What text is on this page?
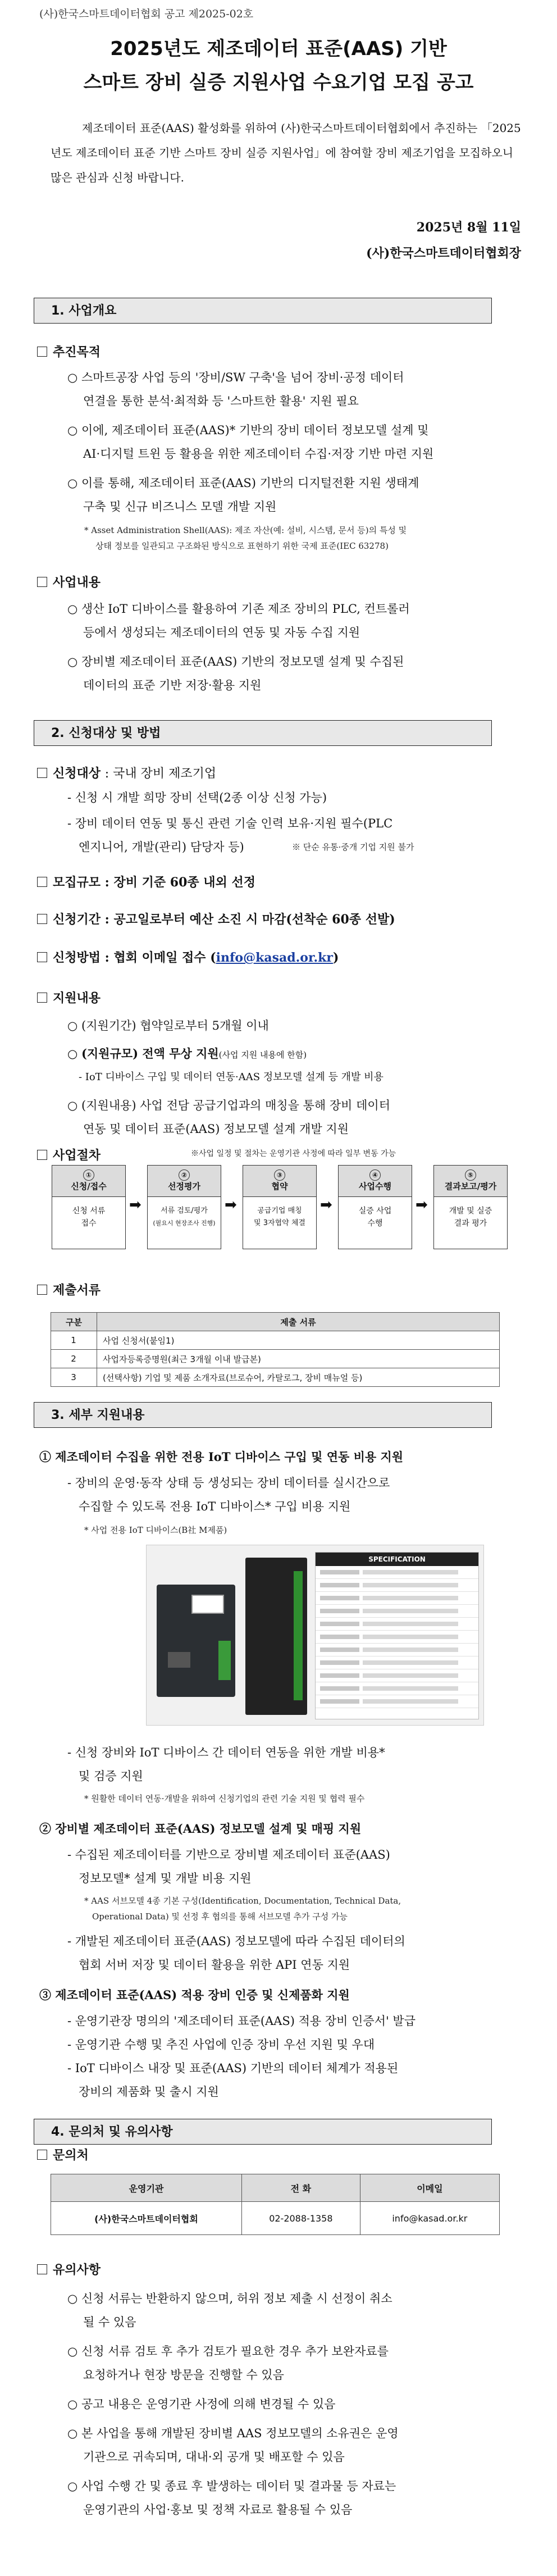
(사)한국스마트데이터협회 공고 제2025-02호
2025년도 제조데이터 표준(AAS) 기반
스마트 장비 실증 지원사업 수요기업 모집 공고
제조데이터 표준(AAS) 활성화를 위하여 (사)한국스마트데이터협회에서 추진하는 「2025년도 제조데이터 표준 기반 스마트 장비 실증 지원사업」에 참여할 장비 제조기업을 모집하오니 많은 관심과 신청 바랍니다.
2025년 8월 11일
(사)한국스마트데이터협회장
1. 사업개요
추진목적
○ 스마트공장 사업 등의 '장비/SW 구축'을 넘어 장비·공정 데이터
연결을 통한 분석·최적화 등 '스마트한 활용' 지원 필요
○ 이에, 제조데이터 표준(AAS)* 기반의 장비 데이터 정보모델 설계 및
AI·디지털 트윈 등 활용을 위한 제조데이터 수집·저장 기반 마련 지원
○ 이를 통해, 제조데이터 표준(AAS) 기반의 디지털전환 지원 생태계
구축 및 신규 비즈니스 모델 개발 지원
* Asset Administration Shell(AAS): 제조 자산(예: 설비, 시스템, 문서 등)의 특성 및
상태 정보를 일관되고 구조화된 방식으로 표현하기 위한 국제 표준(IEC 63278)
사업내용
○ 생산 IoT 디바이스를 활용하여 기존 제조 장비의 PLC, 컨트롤러
등에서 생성되는 제조데이터의 연동 및 자동 수집 지원
○ 장비별 제조데이터 표준(AAS) 기반의 정보모델 설계 및 수집된
데이터의 표준 기반 저장·활용 지원
2. 신청대상 및 방법
신청대상 : 국내 장비 제조기업
- 신청 시 개발 희망 장비 선택(2종 이상 신청 가능)
- 장비 데이터 연동 및 통신 관련 기술 인력 보유·지원 필수(PLC
엔지니어, 개발(관리) 담당자 등)	※ 단순 유통·중개 기업 지원 불가
모집규모 : 장비 기준 60종 내외 선정
신청기간 : 공고일로부터 예산 소진 시 마감(선착순 60종 선발)
신청방법 : 협회 이메일 접수 (info@kasad.or.kr)
지원내용
○ (지원기간) 협약일로부터 5개월 이내
○ (지원규모) 전액 무상 지원(사업 지원 내용에 한함)
- IoT 디바이스 구입 및 데이터 연동·AAS 정보모델 설계 등 개발 비용
○ (지원내용) 사업 전담 공급기업과의 매칭을 통해 장비 데이터
연동 및 데이터 표준(AAS) 정보모델 설계 개발 지원
사업절차	※사업 일정 및 절차는 운영기관 사정에 따라 일부 변동 가능
①
신청/접수
신청 서류
접수
➡
②
선정평가
서류 검토/평가
(필요시 현장조사 진행)
➡
③
협약
공급기업 매칭
및 3자협약 체결
➡
④
사업수행
실증 사업
수행
➡
⑤
결과보고/평가
개발 및 실증
결과 평가
제출서류
구분	제출 서류
1	사업 신청서(붙임1)
2	사업자등록증명원(최근 3개월 이내 발급본)
3	(선택사항) 기업 및 제품 소개자료(브로슈어, 카탈로그, 장비 매뉴얼 등)
3. 세부 지원내용
① 제조데이터 수집을 위한 전용 IoT 디바이스 구입 및 연동 비용 지원
- 장비의 운영·동작 상태 등 생성되는 장비 데이터를 실시간으로
수집할 수 있도록 전용 IoT 디바이스* 구입 비용 지원
* 사업 전용 IoT 디바이스(B社 M제품)
SPECIFICATION
- 신청 장비와 IoT 디바이스 간 데이터 연동을 위한 개발 비용*
및 검증 지원
* 원활한 데이터 연동·개발을 위하여 신청기업의 관련 기술 지원 및 협력 필수
② 장비별 제조데이터 표준(AAS) 정보모델 설계 및 매핑 지원
- 수집된 제조데이터를 기반으로 장비별 제조데이터 표준(AAS)
정보모델* 설계 및 개발 비용 지원
* AAS 서브모델 4종 기본 구성(Identification, Documentation, Technical Data,
Operational Data) 및 선정 후 협의를 통해 서브모델 추가 구성 가능
- 개발된 제조데이터 표준(AAS) 정보모델에 따라 수집된 데이터의
협회 서버 저장 및 데이터 활용을 위한 API 연동 지원
③ 제조데이터 표준(AAS) 적용 장비 인증 및 신제품화 지원
- 운영기관장 명의의 '제조데이터 표준(AAS) 적용 장비 인증서' 발급
- 운영기관 수행 및 추진 사업에 인증 장비 우선 지원 및 우대
- IoT 디바이스 내장 및 표준(AAS) 기반의 데이터 체계가 적용된
장비의 제품화 및 출시 지원
4. 문의처 및 유의사항
문의처
운영기관	전 화	이메일
(사)한국스마트데이터협회	02-2088-1358	info@kasad.or.kr
유의사항
○ 신청 서류는 반환하지 않으며, 허위 정보 제출 시 선정이 취소
될 수 있음
○ 신청 서류 검토 후 추가 검토가 필요한 경우 추가 보완자료를
요청하거나 현장 방문을 진행할 수 있음
○ 공고 내용은 운영기관 사정에 의해 변경될 수 있음
○ 본 사업을 통해 개발된 장비별 AAS 정보모델의 소유권은 운영
기관으로 귀속되며, 대내·외 공개 및 배포할 수 있음
○ 사업 수행 간 및 종료 후 발생하는 데이터 및 결과물 등 자료는
운영기관의 사업·홍보 및 정책 자료로 활용될 수 있음
